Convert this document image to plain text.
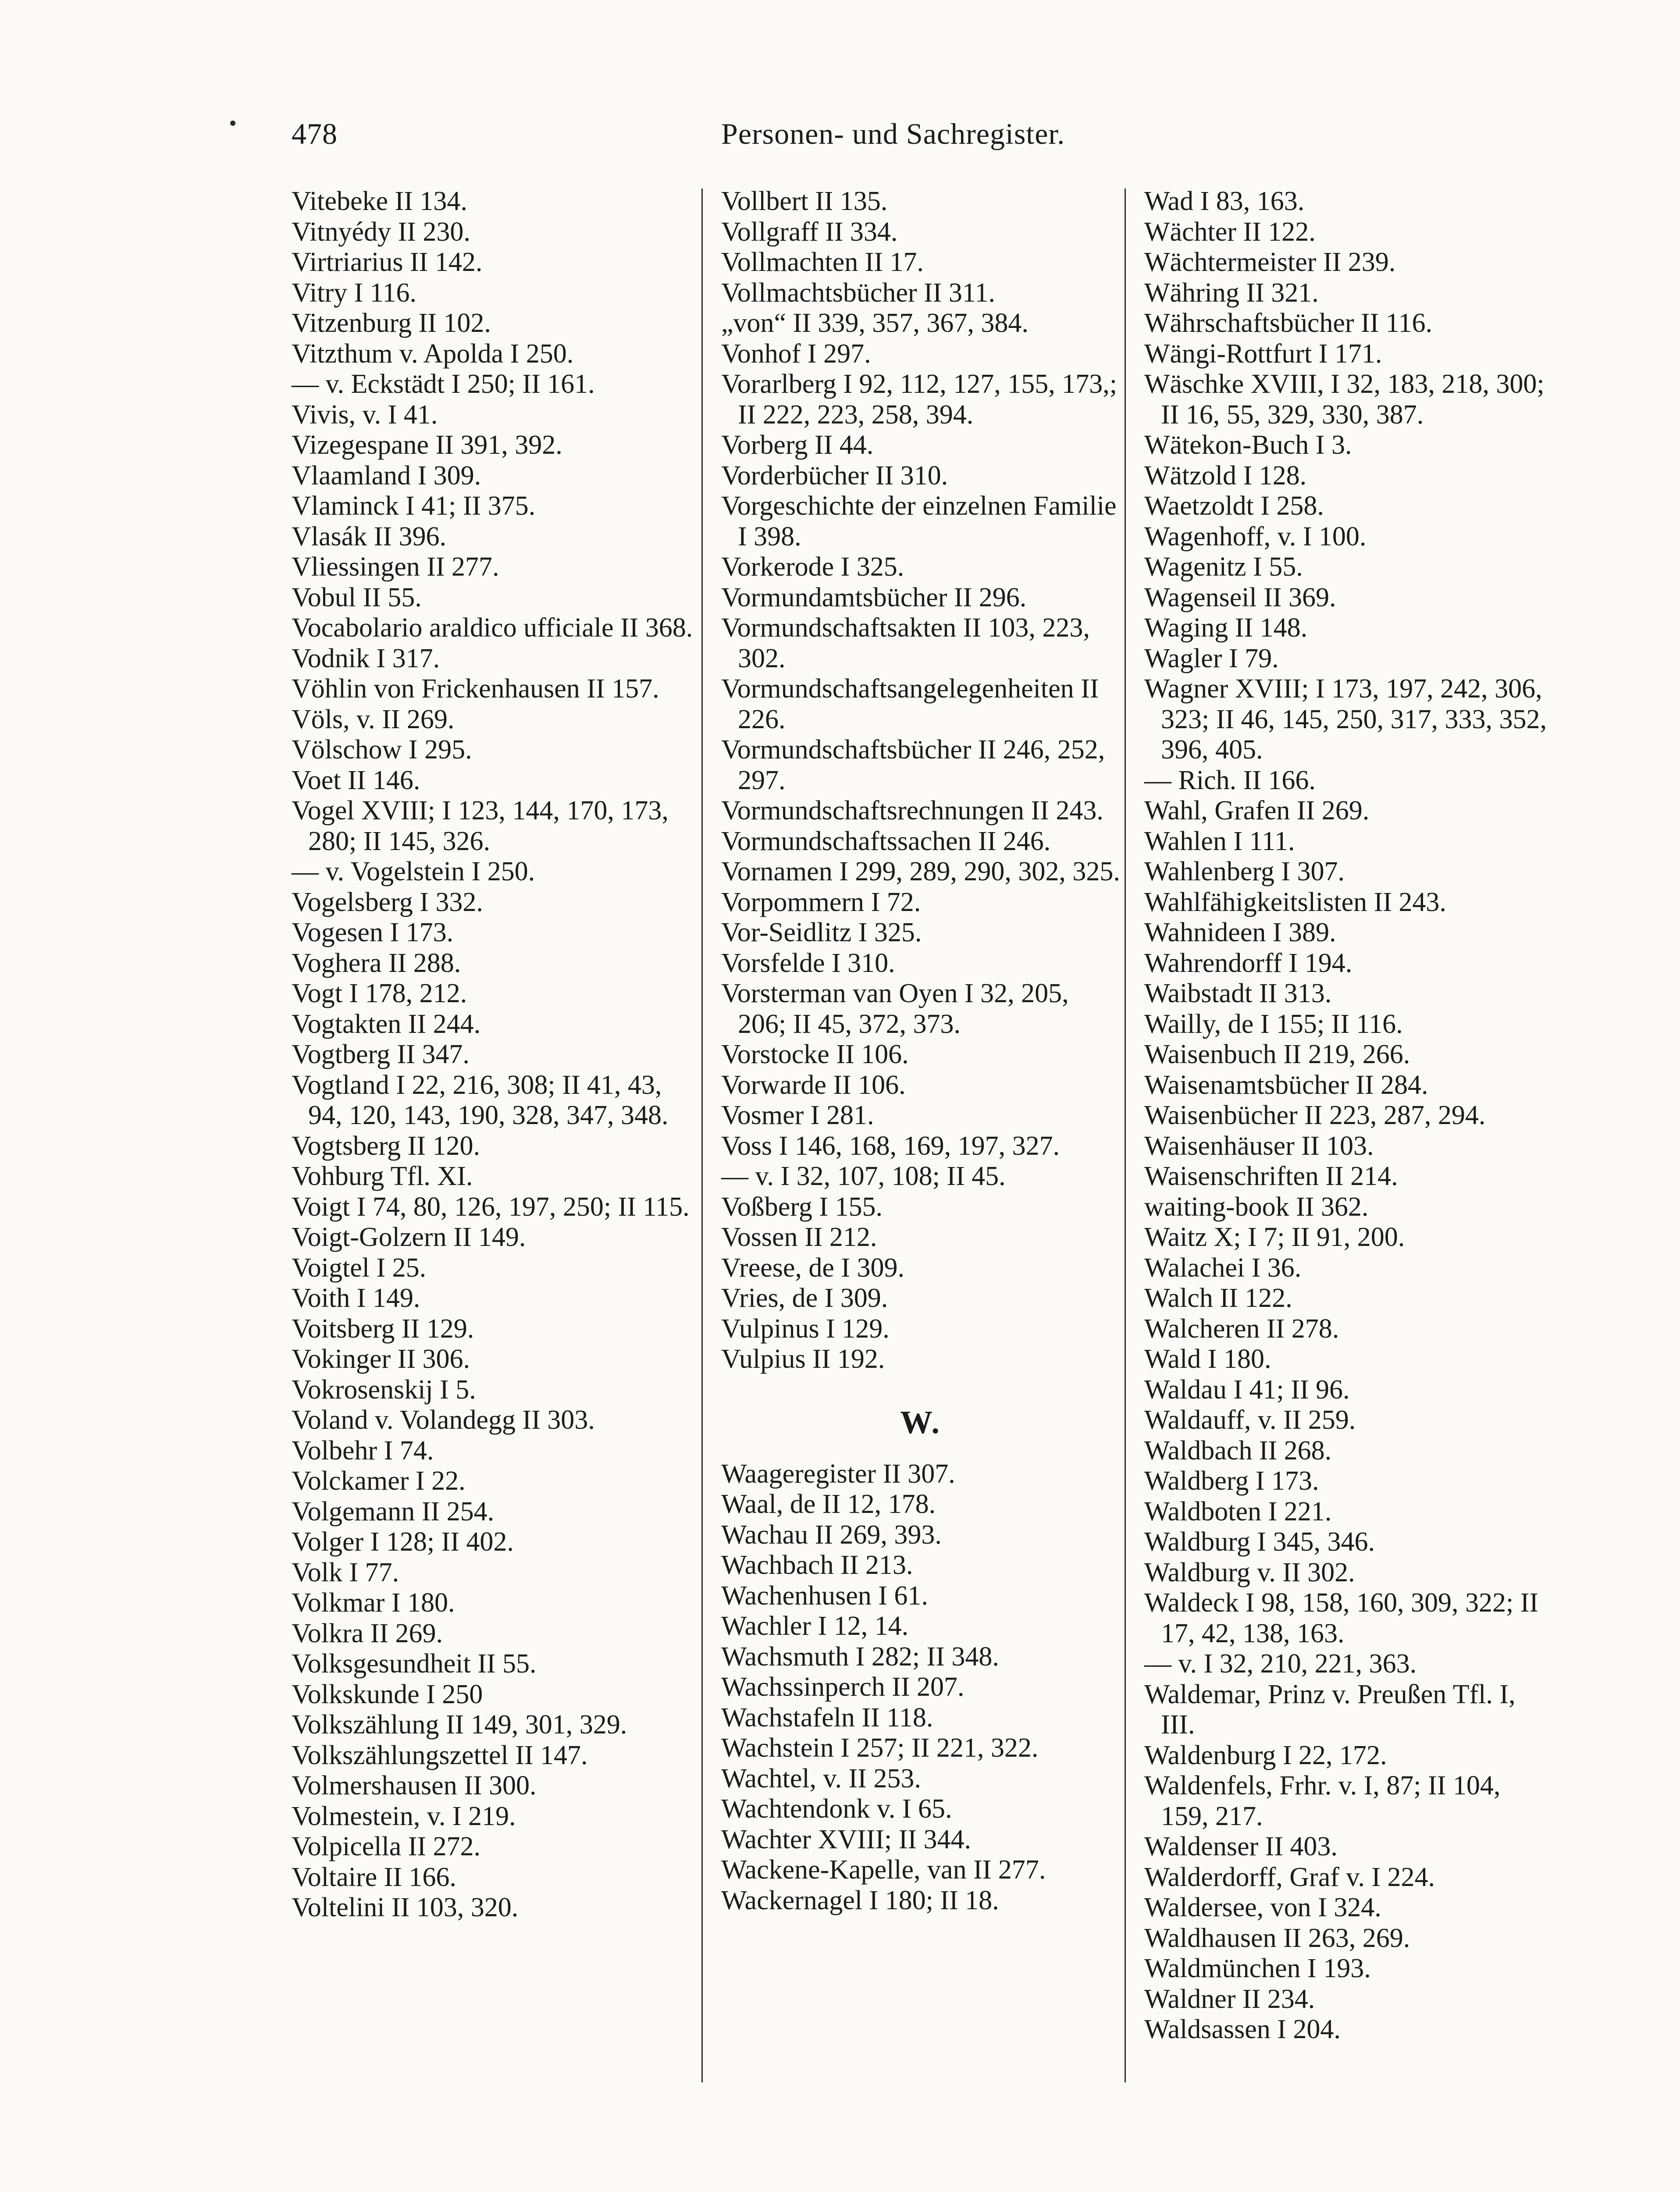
478	Personen- und Sachregister.
Vitebeke II 134.
Vitnyédy II 230.
Virtriarius II 142.
Vitry I 116.
Vitzenburg II 102.
Vitzthum v. Apolda I 250.
— v. Eckstädt I 250; II 161.
Vivis, v. I 41.
Vizegespane II 391, 392.
Vlaamland I 309.
Vlaminck I 41; II 375.
Vlasák II 396.
Vliessingen II 277.
Vobul II 55.
Vocabolario araldico ufficiale II 368.
Vodnik I 317.
Vöhlin von Frickenhausen II 157.
Völs, v. II 269.
Völschow I 295.
Voet II 146.
Vogel XVIII; I 123, 144, 170, 173, 280; II 145, 326.
— v. Vogelstein I 250.
Vogelsberg I 332.
Vogesen I 173.
Voghera II 288.
Vogt I 178, 212.
Vogtakten II 244.
Vogtberg II 347.
Vogtland I 22, 216, 308; II 41, 43, 94, 120, 143, 190, 328, 347, 348.
Vogtsberg II 120.
Vohburg Tfl. XI.
Voigt I 74, 80, 126, 197, 250; II 115.
Voigt-Golzern II 149.
Voigtel I 25.
Voith I 149.
Voitsberg II 129.
Vokinger II 306.
Vokrosenskij I 5.
Voland v. Volandegg II 303.
Volbehr I 74.
Volckamer I 22.
Volgemann II 254.
Volger I 128; II 402.
Volk I 77.
Volkmar I 180.
Volkra II 269.
Volksgesundheit II 55.
Volkskunde I 250
Volkszählung II 149, 301, 329.
Volkszählungszettel II 147.
Volmershausen II 300.
Volmestein, v. I 219.
Volpicella II 272.
Voltaire II 166.
Voltelini II 103, 320.
Vollbert II 135.
Vollgraff II 334.
Vollmachten II 17.
Vollmachtsbücher II 311.
„von“ II 339, 357, 367, 384.
Vonhof I 297.
Vorarlberg I 92, 112, 127, 155, 173,; II 222, 223, 258, 394.
Vorberg II 44.
Vorderbücher II 310.
Vorgeschichte der einzelnen Familie I 398.
Vorkerode I 325.
Vormundamtsbücher II 296.
Vormundschaftsakten II 103, 223, 302.
Vormundschaftsangelegenheiten II 226.
Vormundschaftsbücher II 246, 252, 297.
Vormundschaftsrechnungen II 243.
Vormundschaftssachen II 246.
Vornamen I 299, 289, 290, 302, 325.
Vorpommern I 72.
Vor-Seidlitz I 325.
Vorsfelde I 310.
Vorsterman van Oyen I 32, 205, 206; II 45, 372, 373.
Vorstocke II 106.
Vorwarde II 106.
Vosmer I 281.
Voss I 146, 168, 169, 197, 327.
— v. I 32, 107, 108; II 45.
Voßberg I 155.
Vossen II 212.
Vreese, de I 309.
Vries, de I 309.
Vulpinus I 129.
Vulpius II 192.
W.
Waageregister II 307.
Waal, de II 12, 178.
Wachau II 269, 393.
Wachbach II 213.
Wachenhusen I 61.
Wachler I 12, 14.
Wachsmuth I 282; II 348.
Wachssinperch II 207.
Wachstafeln II 118.
Wachstein I 257; II 221, 322.
Wachtel, v. II 253.
Wachtendonk v. I 65.
Wachter XVIII; II 344.
Wackene-Kapelle, van II 277.
Wackernagel I 180; II 18.
Wad I 83, 163.
Wächter II 122.
Wächtermeister II 239.
Währing II 321.
Währschaftsbücher II 116.
Wängi-Rottfurt I 171.
Wäschke XVIII, I 32, 183, 218, 300; II 16, 55, 329, 330, 387.
Wätekon-Buch I 3.
Wätzold I 128.
Waetzoldt I 258.
Wagenhoff, v. I 100.
Wagenitz I 55.
Wagenseil II 369.
Waging II 148.
Wagler I 79.
Wagner XVIII; I 173, 197, 242, 306, 323; II 46, 145, 250, 317, 333, 352, 396, 405.
— Rich. II 166.
Wahl, Grafen II 269.
Wahlen I 111.
Wahlenberg I 307.
Wahlfähigkeitslisten II 243.
Wahnideen I 389.
Wahrendorff I 194.
Waibstadt II 313.
Wailly, de I 155; II 116.
Waisenbuch II 219, 266.
Waisenamtsbücher II 284.
Waisenbücher II 223, 287, 294.
Waisenhäuser II 103.
Waisenschriften II 214.
waiting-book II 362.
Waitz X; I 7; II 91, 200.
Walachei I 36.
Walch II 122.
Walcheren II 278.
Wald I 180.
Waldau I 41; II 96.
Waldauff, v. II 259.
Waldbach II 268.
Waldberg I 173.
Waldboten I 221.
Waldburg I 345, 346.
Waldburg v. II 302.
Waldeck I 98, 158, 160, 309, 322; II 17, 42, 138, 163.
— v. I 32, 210, 221, 363.
Waldemar, Prinz v. Preußen Tfl. I, III.
Waldenburg I 22, 172.
Waldenfels, Frhr. v. I, 87; II 104, 159, 217.
Waldenser II 403.
Walderdorff, Graf v. I 224.
Waldersee, von I 324.
Waldhausen II 263, 269.
Waldmünchen I 193.
Waldner II 234.
Waldsassen I 204.
